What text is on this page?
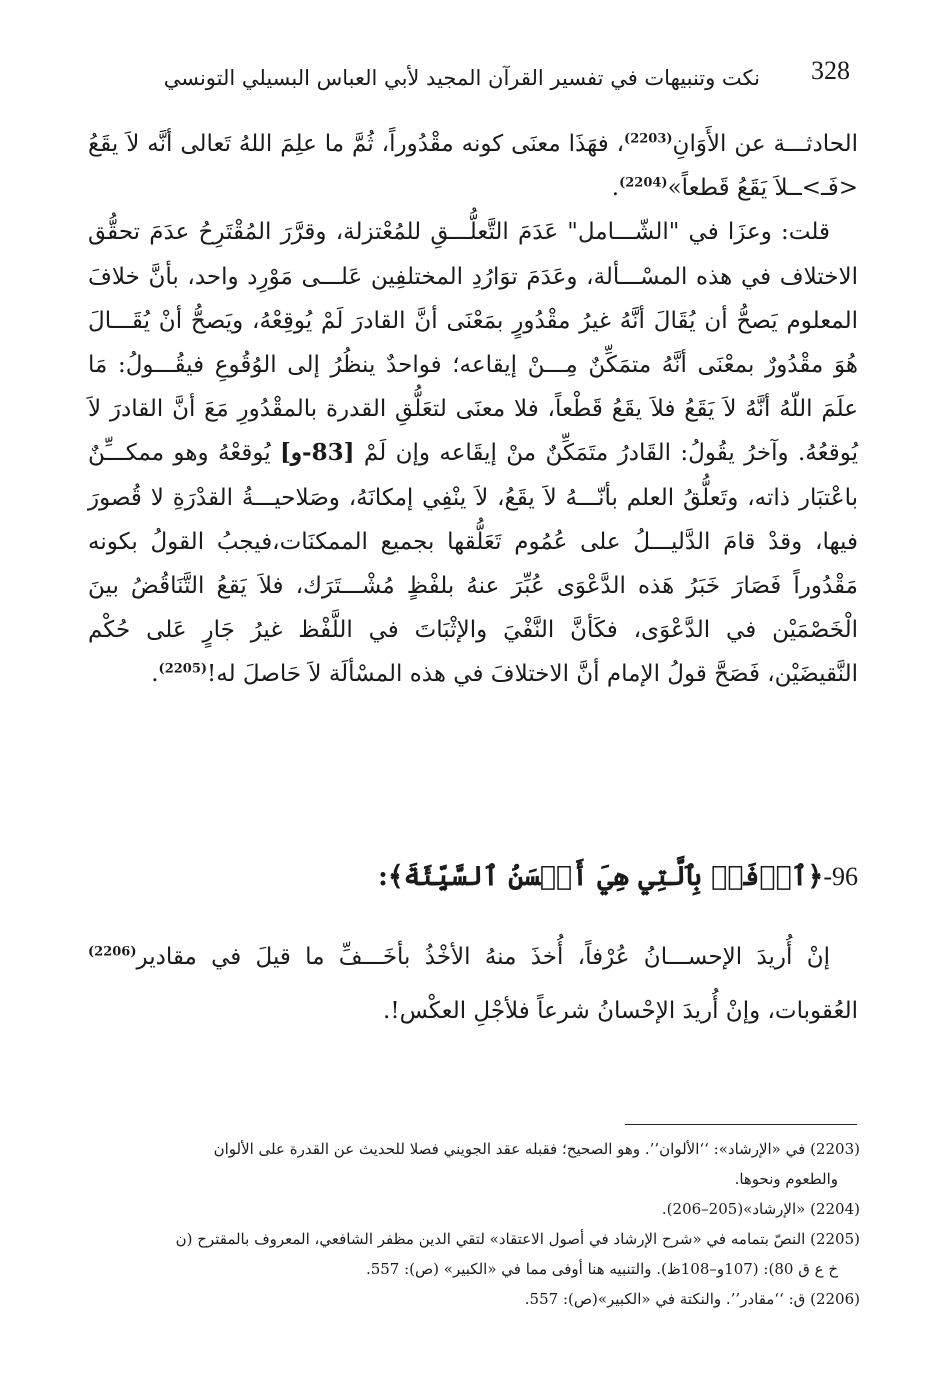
328
نكت وتنبيهات في تفسير القرآن المجيد لأبي العباس البسيلي التونسي

الحادثـــة عن الأَوَانِ$^{(2203)}$، فهَذَا معنَى كونه مقْدُوراً، ثُمَّ ما علِمَ اللهُ تَعالى أنَّه لاَ يقَعُ <فَـ>ــلاَ يَقَعُ قَطعاً»$^{(2204)}$.

قلت: وعزَا في "الشّـــامل" عَدَمَ التَّعلُّـــقِ للمُعْتزلة، وقرَّرَ المُقْتَرِحُ عدَمَ تحقُّق الاختلاف في هذه المسْـــألة، وعَدَمَ توَارُدِ المختلفِين عَلـــى مَوْرِد واحد، بأنَّ خلافَ المعلوم يَصحُّ أن يُقَالَ أنَّهُ غيرُ مقْدُورٍ بمَعْنَى أنَّ القادرَ لَمْ يُوقِعْهُ، ويَصحُّ أنْ يُقَـــالَ هُوَ مقْدُورٌ بمعْنَى أنَّهُ متمَكِّنٌ مِـــنْ إيقاعه؛ فواحدٌ ينظُرُ إلى الوُقُوعِ فيقُـــولُ: مَا علَمَ اللّهُ أنَّهُ لاَ يَقَعُ فلاَ يقَعُ قَطْعاً، فلا معنَى لتعَلُّقِ القدرة بالمقْدُورِ مَعَ أنَّ القادرَ لاَ يُوقعُهُ. وآخرُ يقُولُ: القَادرُ متَمَكِّنٌ منْ إيقَاعه وإن لَمْ [83-و] يُوقعْهُ وهو ممكـــِّنٌ باعْتبَار ذاته، وتَعلُّقُ العلم بأنّـــهُ لاَ يقَعُ، لاَ ينْفِي إمكانَهُ، وصَلاحيـــةُ القدْرَةِ لا قُصورَ فيها، وقدْ قامَ الدَّليـــلُ على عُمُوم تَعَلُّقها بجميع الممكنَات،فيجبُ القولُ بكونه مَقْدُوراً فَصَارَ خَبَرُ هَذه الدَّعْوَى عُبِّرَ عنهُ بلفْظٍ مُشْـــتَرَك، فلاَ يَقعُ التَّنَاقُضُ بينَ الْخَصْمَيْن في الدَّعْوَى، فكَأنَّ النَّفْيَ والإثْبَاتَ في اللَّفْظ غيرُ جَارٍ عَلى حُكْم النَّقيضَيْن، فَصَحَّ قولُ الإمام أنَّ الاختلافَ في هذه المسْألَة لاَ حَاصلَ له!$^{(2205)}$.

96-﴿ٱدۡفَعۡ بِٱلَّتِي هِيَ أَحۡسَنُ ٱلسَّيِّئَةَ﴾:

إنْ أُريدَ الإحســـانُ عُرْفاً، أُخذَ منهُ الأخْذُ بأخَـــفِّ ما قيلَ في مقادير$^{(2206)}$ العُقوبات، وإنْ أُريدَ الإحْسانُ شرعاً فلأجْلِ العكْس!.

(2203) في «الإرشاد»: ‘‘الألوان’’. وهو الصحيح؛ فقبله عقد الجويني فصلا للحديث عن القدرة على الألوان

والطعوم ونحوها.

(2204) «الإرشاد»(205–206).

(2205) النصّ بتمامه في «شرح الإرشاد في أصول الاعتقاد» لتقي الدين مظفر الشافعي، المعروف بالمقترح (ن

خ ع ق 80): (107و–108ظ). والتنبيه هنا أوفى مما في «الكبير» (ص): 557.

(2206) ق: ‘‘مقادر’’. والنكتة في «الكبير»(ص): 557.
